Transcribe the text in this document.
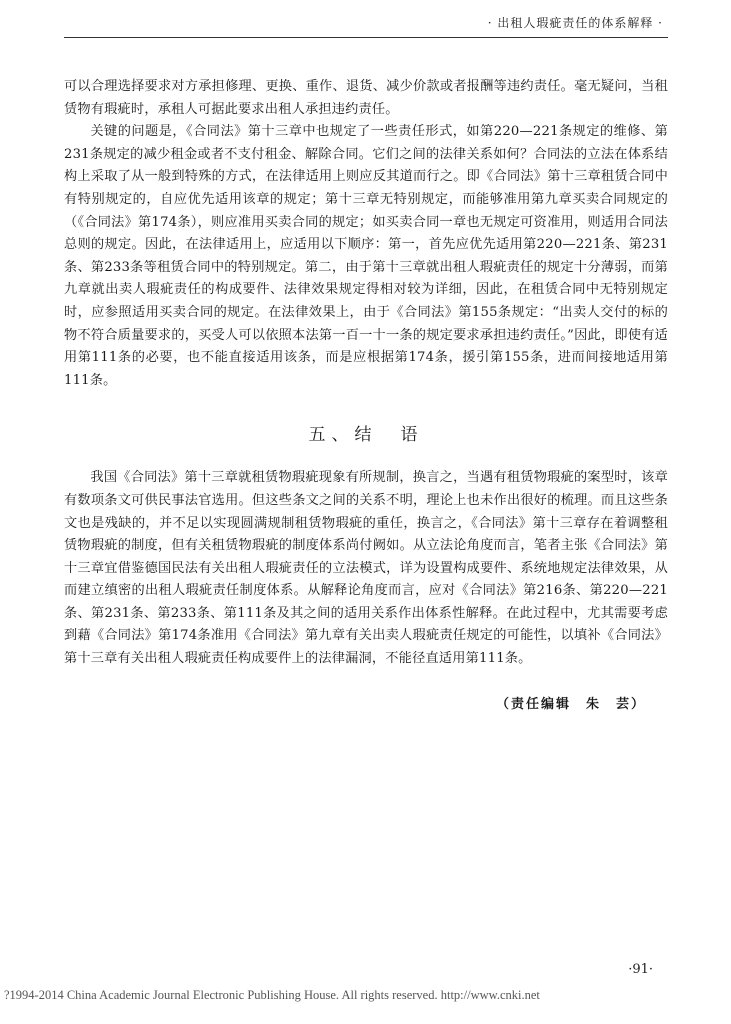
· 出租人瑕疵责任的体系解释 ·

可以合理选择要求对方承担修理、更换、重作、退货、减少价款或者报酬等违约责任。毫无疑问，当租赁物有瑕疵时，承租人可据此要求出租人承担违约责任。

关键的问题是，《合同法》第十三章中也规定了一些责任形式，如第220—221条规定的维修、第231条规定的减少租金或者不支付租金、解除合同。它们之间的法律关系如何？合同法的立法在体系结构上采取了从一般到特殊的方式，在法律适用上则应反其道而行之。即《合同法》第十三章租赁合同中有特别规定的，自应优先适用该章的规定；第十三章无特别规定，而能够准用第九章买卖合同规定的（《合同法》第174条），则应准用买卖合同的规定；如买卖合同一章也无规定可资准用，则适用合同法总则的规定。因此，在法律适用上，应适用以下顺序：第一，首先应优先适用第220—221条、第231条、第233条等租赁合同中的特别规定。第二，由于第十三章就出租人瑕疵责任的规定十分薄弱，而第九章就出卖人瑕疵责任的构成要件、法律效果规定得相对较为详细，因此，在租赁合同中无特别规定时，应参照适用买卖合同的规定。在法律效果上，由于《合同法》第155条规定：“出卖人交付的标的物不符合质量要求的，买受人可以依照本法第一百一十一条的规定要求承担违约责任。”因此，即使有适用第111条的必要，也不能直接适用该条，而是应根据第174条，援引第155条，进而间接地适用第111条。

五、结　语

我国《合同法》第十三章就租赁物瑕疵现象有所规制，换言之，当遇有租赁物瑕疵的案型时，该章有数项条文可供民事法官选用。但这些条文之间的关系不明，理论上也未作出很好的梳理。而且这些条文也是残缺的，并不足以实现圆满规制租赁物瑕疵的重任，换言之，《合同法》第十三章存在着调整租赁物瑕疵的制度，但有关租赁物瑕疵的制度体系尚付阙如。从立法论角度而言，笔者主张《合同法》第十三章宜借鉴德国民法有关出租人瑕疵责任的立法模式，详为设置构成要件、系统地规定法律效果，从而建立缜密的出租人瑕疵责任制度体系。从解释论角度而言，应对《合同法》第216条、第220—221条、第231条、第233条、第111条及其之间的适用关系作出体系性解释。在此过程中，尤其需要考虑到藉《合同法》第174条准用《合同法》第九章有关出卖人瑕疵责任规定的可能性，以填补《合同法》第十三章有关出租人瑕疵责任构成要件上的法律漏洞，不能径直适用第111条。

（责任编辑　朱　芸）
·91·
?1994-2014 China Academic Journal Electronic Publishing House. All rights reserved. http://www.cnki.net
